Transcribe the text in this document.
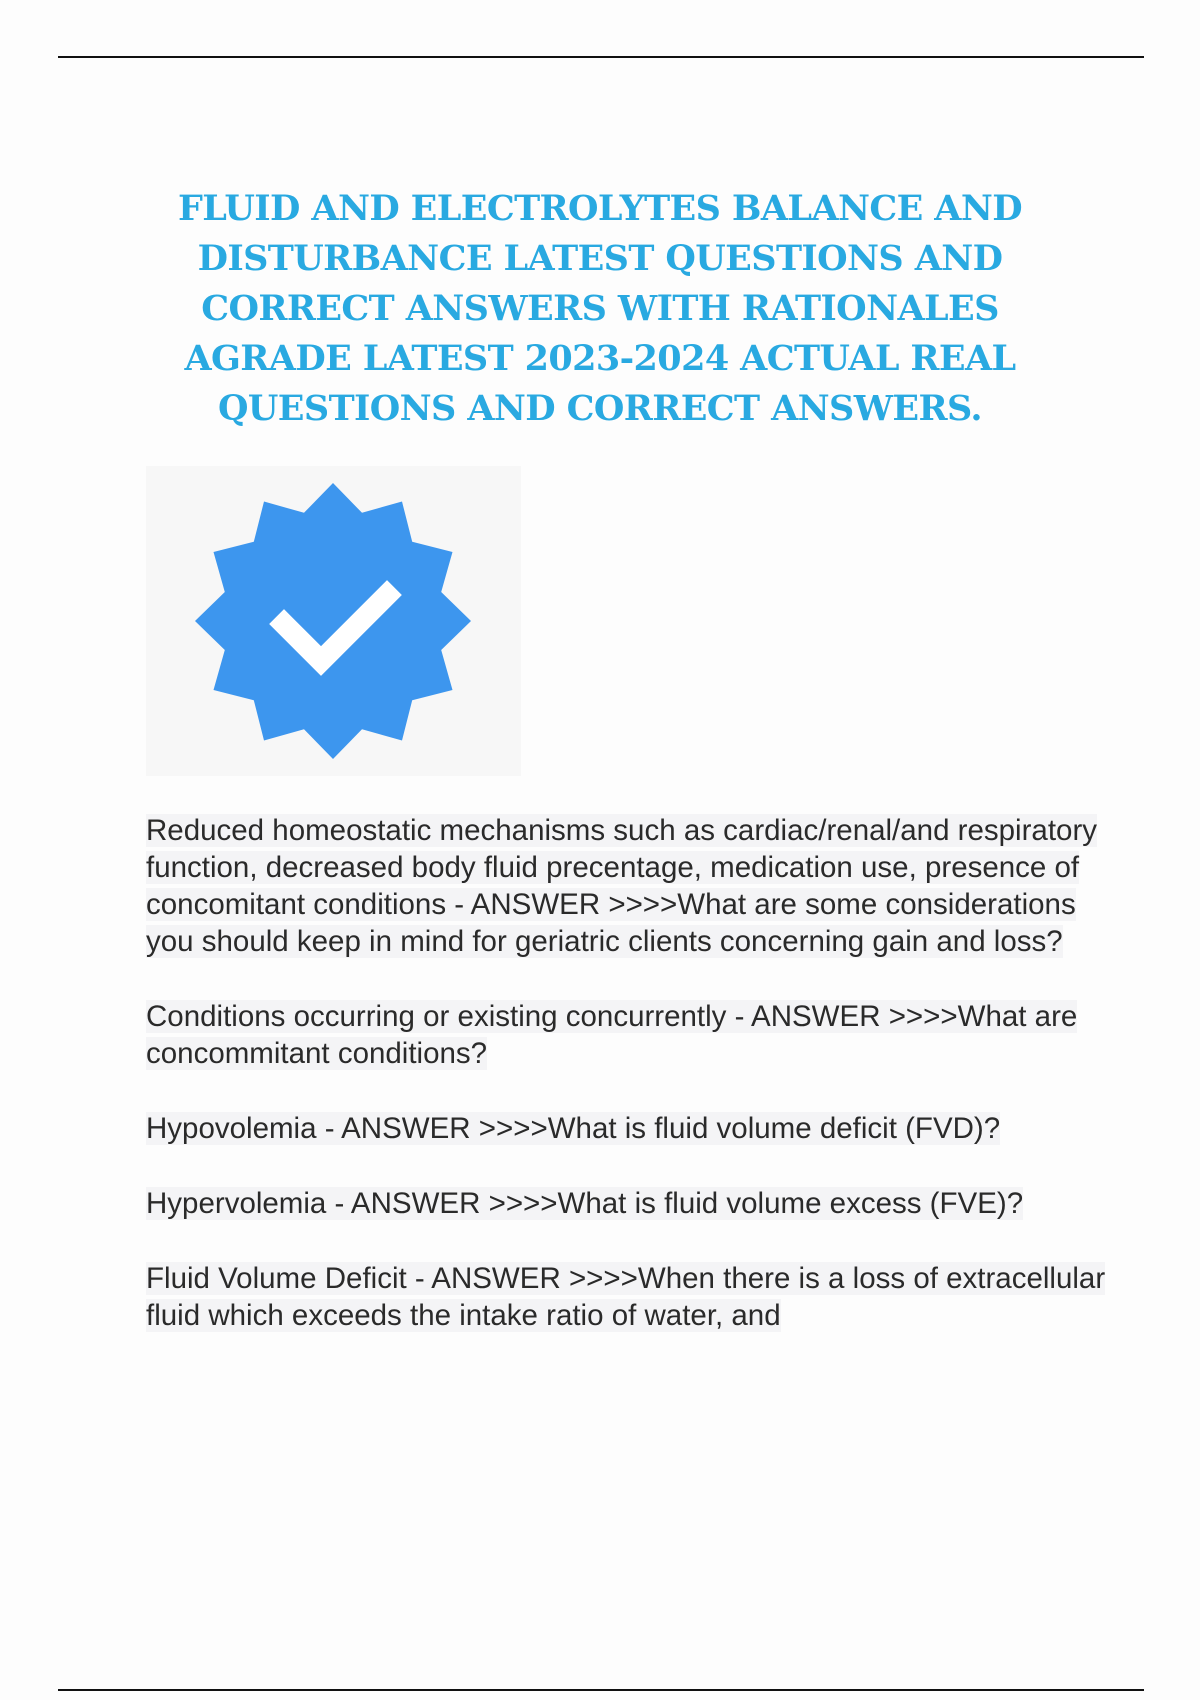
FLUID AND ELECTROLYTES BALANCE AND DISTURBANCE LATEST QUESTIONS AND CORRECT ANSWERS WITH RATIONALES AGRADE LATEST 2023-2024 ACTUAL REAL QUESTIONS AND CORRECT ANSWERS.

Reduced homeostatic mechanisms such as cardiac/renal/and respiratory function, decreased body fluid precentage, medication use, presence of concomitant conditions - ANSWER >>>>What are some considerations you should keep in mind for geriatric clients concerning gain and loss?

Conditions occurring or existing concurrently - ANSWER >>>>What are concommitant conditions?

Hypovolemia - ANSWER >>>>What is fluid volume deficit (FVD)?

Hypervolemia - ANSWER >>>>What is fluid volume excess (FVE)?

Fluid Volume Deficit - ANSWER >>>>When there is a loss of extracellular fluid which exceeds the intake ratio of water, and
